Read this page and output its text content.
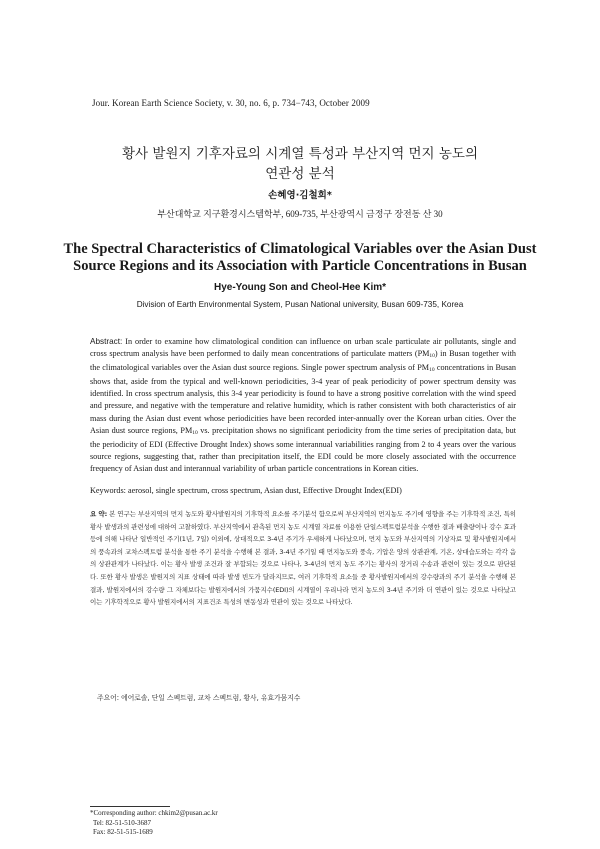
Jour. Korean Earth Science Society, v. 30, no. 6, p. 734−743, October 2009
황사 발원지 기후자료의 시계열 특성과 부산지역 먼지 농도의
연관성 분석
손혜영·김철희*
부산대학교 지구환경시스템학부, 609-735, 부산광역시 금정구 장전동 산 30
The Spectral Characteristics of Climatological Variables over the Asian Dust
Source Regions and its Association with Particle Concentrations in Busan
Hye-Young Son and Cheol-Hee Kim*
Division of Earth Environmental System, Pusan National university, Busan 609-735, Korea
Abstract: In order to examine how climatological condition can influence on urban scale particulate air pollutants, single and cross spectrum analysis have been performed to daily mean concentrations of particulate matters $(PM_{10})$ in Busan together with the climatological variables over the Asian dust source regions. Single power spectrum analysis of $PM_{10}$ concentrations in Busan shows that, aside from the typical and well-known periodicities, 3-4 year of peak periodicity of power spectrum density was identified. In cross spectrum analysis, this 3-4 year periodicity is found to have a strong positive correlation with the wind speed and pressure, and negative with the temperature and relative humidity, which is rather consistent with both characteristics of air mass during the Asian dust event whose periodicities have been recorded inter-annually over the Korean urban cities. Over the Asian dust source regions, $PM_{10}$ vs. precipitation shows no significant periodicity from the time series of precipitation data, but the periodicity of EDI (Effective Drought Index) shows some interannual variabilities ranging from 2 to 4 years over the various source regions, suggesting that, rather than precipitation itself, the EDI could be more closely associated with the occurrence frequency of Asian dust and interannual variability of urban particle concentrations in Korean cities.
Keywords: aerosol, single spectrum, cross spectrum, Asian dust, Effective Drought Index(EDI)
요 약: 본 연구는 부산지역의 먼지 농도와 황사발원지의 기후학적 요소를 주기분석 함으로써 부산지역의 먼지농도 주기에 영향을 주는 기후학적 조건, 특히 황사 발생과의 관련성에 대하여 고찰하였다. 부산지역에서 관측된 먼지 농도 시계열 자료를 이용한 단일스펙트럼분석을 수행한 결과 배출량이나 강수 효과 등에 의해 나타난 일반적인 주기(1년, 7일) 이외에, 상대적으로 3-4년 주기가 우세하게 나타났으며, 먼지 농도와 부산지역의 기상자료 및 황사발원지에서의 풍속과의 교차스펙트럼 분석을 통한 주기 분석을 수행해 본 결과, 3-4년 주기일 때 먼지농도와 풍속, 기압은 양의 상관관계, 기온, 상대습도와는 각각 음의 상관관계가 나타났다. 이는 황사 발생 조건과 잘 부합되는 것으로 나타나, 3-4년의 먼지 농도 주기는 황사의 장거리 수송과 관련이 있는 것으로 판단된다. 또한 황사 발생은 발원지의 지표 상태에 따라 발생 빈도가 달라지므로, 여러 기후학적 요소들 중 황사발원지에서의 강수량과의 주기 분석을 수행해 본 결과, 발원지에서의 강수량 그 자체보다는 발원지에서의 가뭄지수(EDI)의 시계열이 우리나라 먼지 농도의 3-4년 주기와 더 연관이 있는 것으로 나타났고 이는 기후학적으로 황사 발원지에서의 지표건조 특성의 변동성과 연관이 있는 것으로 나타났다.
주요어: 에어로솔, 단일 스펙트럼, 교차 스펙트럼, 황사, 유효가뭄지수
*Corresponding author: chkim2@pusan.ac.kr
Tel: 82-51-510-3687
Fax: 82-51-515-1689
